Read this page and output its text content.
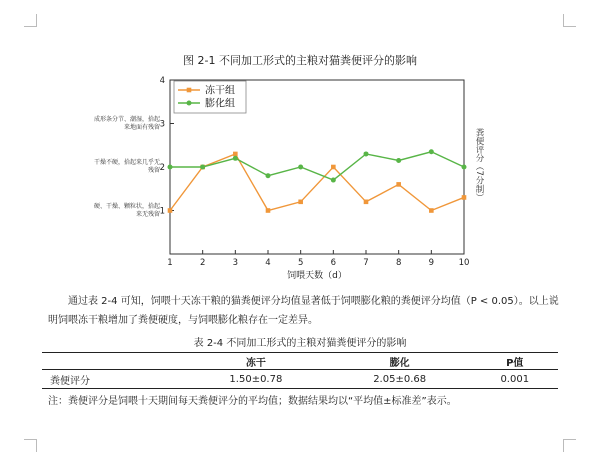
图 2-1 不同加工形式的主粮对猫粪便评分的影响
1
2
3
4
1	2	3	4	5	6	7	8	9	10
饲喂天数（d）
冻干组
膨化组
粪便评分（7分制）
成形条分节、潮湿，拾起来地面有残留
干燥不硬，拾起来几乎无残留
硬、干燥、颗粒状，拾起来无残留
通过表 2-4 可知，饲喂十天冻干粮的猫粪便评分均值显著低于饲喂膨化粮的粪便评分均值（P < 0.05）。以上说明饲喂冻干粮增加了粪便硬度，与饲喂膨化粮存在一定差异。
表 2-4 不同加工形式的主粮对猫粪便评分的影响
	冻干	膨化	P值
粪便评分	1.50±0.78	2.05±0.68	0.001
注：粪便评分是饲喂十天期间每天粪便评分的平均值；数据结果均以“平均值±标准差”表示。
